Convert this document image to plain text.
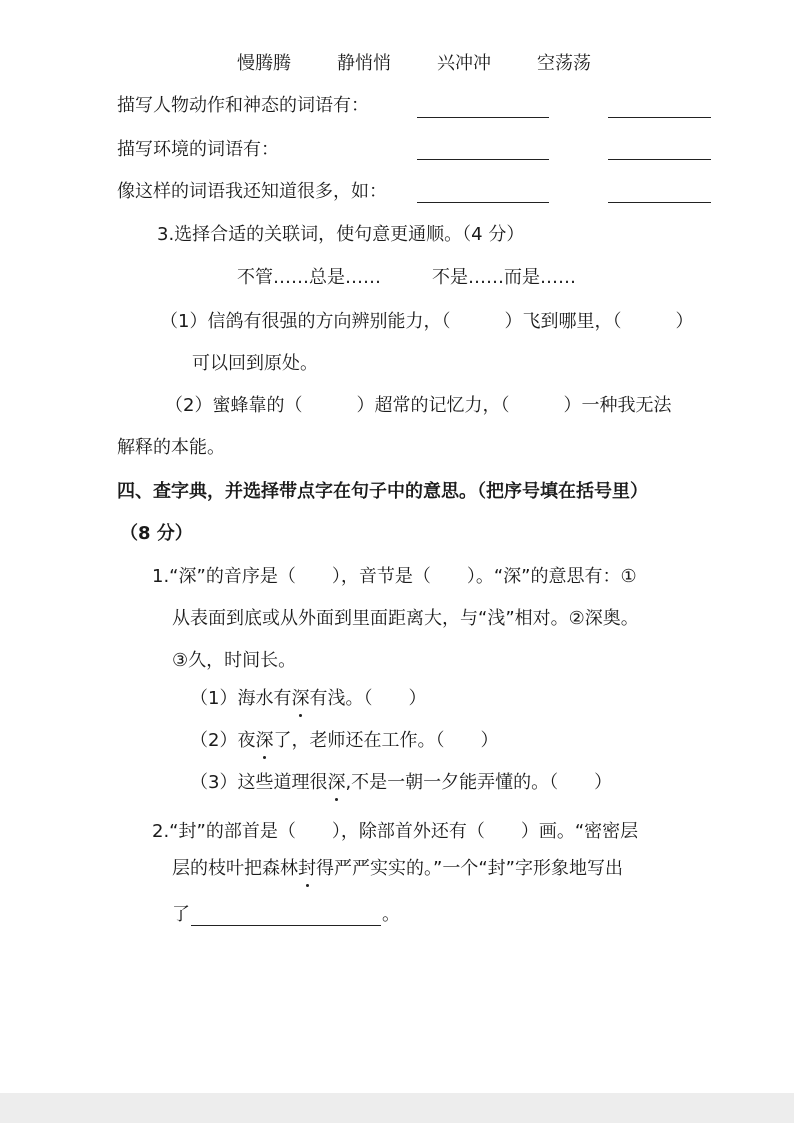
慢腾腾	静悄悄	兴冲冲	空荡荡
描写人物动作和神态的词语有：
描写环境的词语有：
像这样的词语我还知道很多，如：
3.选择合适的关联词，使句意更通顺。（4 分）
不管……总是……	不是……而是……
（1）信鸽有很强的方向辨别能力，（　　　）飞到哪里，（　　　）
可以回到原处。
（2）蜜蜂靠的（　　　）超常的记忆力，（　　　）一种我无法
解释的本能。
四、查字典，并选择带点字在句子中的意思。（把序号填在括号里）
（8 分）
1.“深”的音序是（　　），音节是（　　）。“深”的意思有：①
从表面到底或从外面到里面距离大，与“浅”相对。②深奥。
③久，时间长。
（1）海水有深有浅。（　　）
（2）夜深了，老师还在工作。（　　）
（3）这些道理很深,不是一朝一夕能弄懂的。（　　）
2.“封”的部首是（　　），除部首外还有（　　）画。“密密层
层的枝叶把森林封得严严实实的。”一个“封”字形象地写出
了	。
